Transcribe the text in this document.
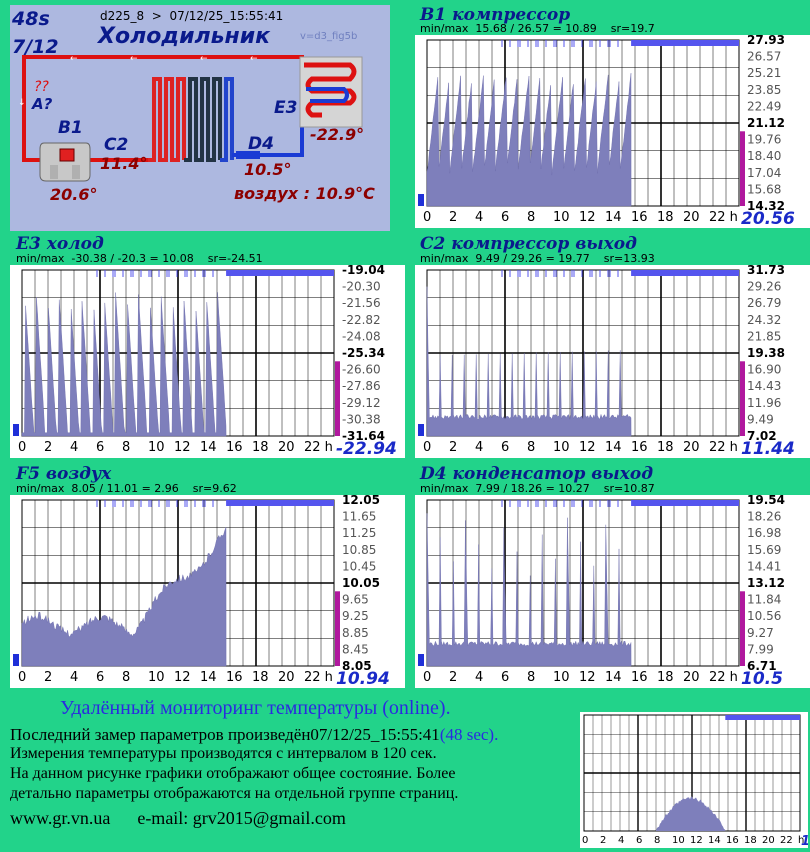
←
←
←
←
↓
48s
7/12
d225_8  >  07/12/25_15:55:41
Холодильник	v=d3_fig5b
??
A?
B1
C2
11.4°
D4
10.5°
E3
-22.9°
20.6°	воздух : 10.9°C
B1 компрессор
min/max  15.68 / 26.57 = 10.89    sr=19.7
27.93
26.57
25.21
23.85
22.49
21.12
19.76
18.40
17.04
15.68
14.32
0 2 4 6 8 10 12 14 16 18 20 22 h 20.56
E3 холод
min/max  -30.38 / -20.3 = 10.08    sr=-24.51
-19.04
-20.30
-21.56
-22.82
-24.08
-25.34
-26.60
-27.86
-29.12
-30.38
-31.64
0 2 4 6 8 10 12 14 16 18 20 22 h -22.94
C2 компрессор выход
min/max  9.49 / 29.26 = 19.77    sr=13.93
31.73
29.26
26.79
24.32
21.85
19.38
16.90
14.43
11.96
9.49
7.02
0 2 4 6 8 10 12 14 16 18 20 22 h 11.44
F5 воздух
min/max  8.05 / 11.01 = 2.96    sr=9.62
12.05
11.65
11.25
10.85
10.45
10.05
9.65
9.25
8.85
8.45
8.05
0 2 4 6 8 10 12 14 16 18 20 22 h 10.94
D4 конденсатор выход
min/max  7.99 / 18.26 = 10.27    sr=10.87
19.54
18.26
16.98
15.69
14.41
13.12
11.84
10.56
9.27
7.99
6.71
0 2 4 6 8 10 12 14 16 18 20 22 h 10.5
Удалённый мониторинг температуры (online).
Последний замер параметров произведён07/12/25_15:55:41(48 sec).
Измерения температуры производятся с интервалом в 120 сек.
На данном рисунке графики отображают общее состояние. Более
детально параметры отображаются на отдельной группе страниц.
www.gr.vn.ua e-mail: grv2015@gmail.com
0 2 4 6 8 10 12 14 16 18 20 22 h
